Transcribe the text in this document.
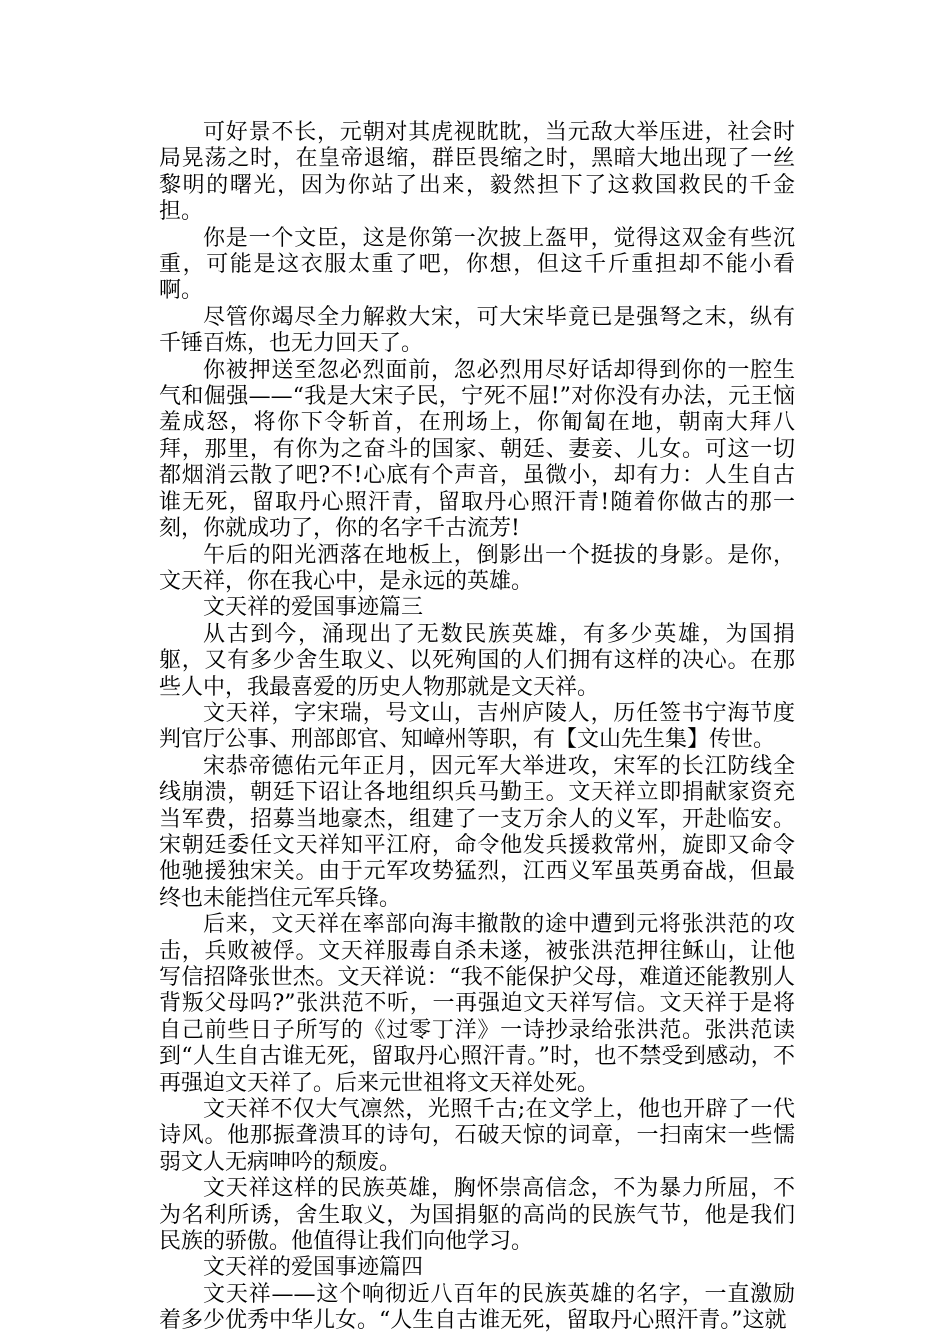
可好景不长，元朝对其虎视眈眈，当元敌大举压进，社会时局晃荡之时，在皇帝退缩，群臣畏缩之时，黑暗大地出现了一丝黎明的曙光，因为你站了出来，毅然担下了这救国救民的千金担。

你是一个文臣，这是你第一次披上盔甲，觉得这双金有些沉重，可能是这衣服太重了吧，你想，但这千斤重担却不能小看啊。

尽管你竭尽全力解救大宋，可大宋毕竟已是强弩之末，纵有千锤百炼，也无力回天了。

你被押送至忽必烈面前，忽必烈用尽好话却得到你的一腔生气和倔强——“我是大宋子民，宁死不屈!”对你没有办法，元王恼羞成怒，将你下令斩首，在刑场上，你匍匐在地，朝南大拜八拜，那里，有你为之奋斗的国家、朝廷、妻妾、儿女。可这一切都烟消云散了吧?不!心底有个声音，虽微小，却有力：人生自古谁无死，留取丹心照汗青，留取丹心照汗青!随着你做古的那一刻，你就成功了，你的名字千古流芳!

午后的阳光洒落在地板上，倒影出一个挺拔的身影。是你，文天祥，你在我心中，是永远的英雄。

文天祥的爱国事迹篇三

从古到今，涌现出了无数民族英雄，有多少英雄，为国捐躯，又有多少舍生取义、以死殉国的人们拥有这样的决心。在那些人中，我最喜爱的历史人物那就是文天祥。

文天祥，字宋瑞，号文山，吉州庐陵人，历任签书宁海节度判官厅公事、刑部郎官、知嶂州等职，有【文山先生集】传世。

宋恭帝德佑元年正月，因元军大举进攻，宋军的长江防线全线崩溃，朝廷下诏让各地组织兵马勤王。文天祥立即捐献家资充当军费，招募当地豪杰，组建了一支万余人的义军，开赴临安。宋朝廷委任文天祥知平江府，命令他发兵援救常州，旋即又命令他驰援独宋关。由于元军攻势猛烈，江西义军虽英勇奋战，但最终也未能挡住元军兵锋。

后来，文天祥在率部向海丰撤散的途中遭到元将张洪范的攻击，兵败被俘。文天祥服毒自杀未遂，被张洪范押往稣山，让他写信招降张世杰。文天祥说：“我不能保护父母，难道还能教别人背叛父母吗?”张洪范不听，一再强迫文天祥写信。文天祥于是将自己前些日子所写的《过零丁洋》一诗抄录给张洪范。张洪范读到“人生自古谁无死，留取丹心照汗青。”时，也不禁受到感动，不再强迫文天祥了。后来元世祖将文天祥处死。

文天祥不仅大气凛然，光照千古;在文学上，他也开辟了一代诗风。他那振聋溃耳的诗句，石破天惊的词章，一扫南宋一些懦弱文人无病呻吟的颓废。

文天祥这样的民族英雄，胸怀崇高信念，不为暴力所屈，不为名利所诱，舍生取义，为国捐躯的高尚的民族气节，他是我们民族的骄傲。他值得让我们向他学习。

文天祥的爱国事迹篇四

文天祥——这个响彻近八百年的民族英雄的名字，一直激励着多少优秀中华儿女。“人生自古谁无死，留取丹心照汗青。”这就
